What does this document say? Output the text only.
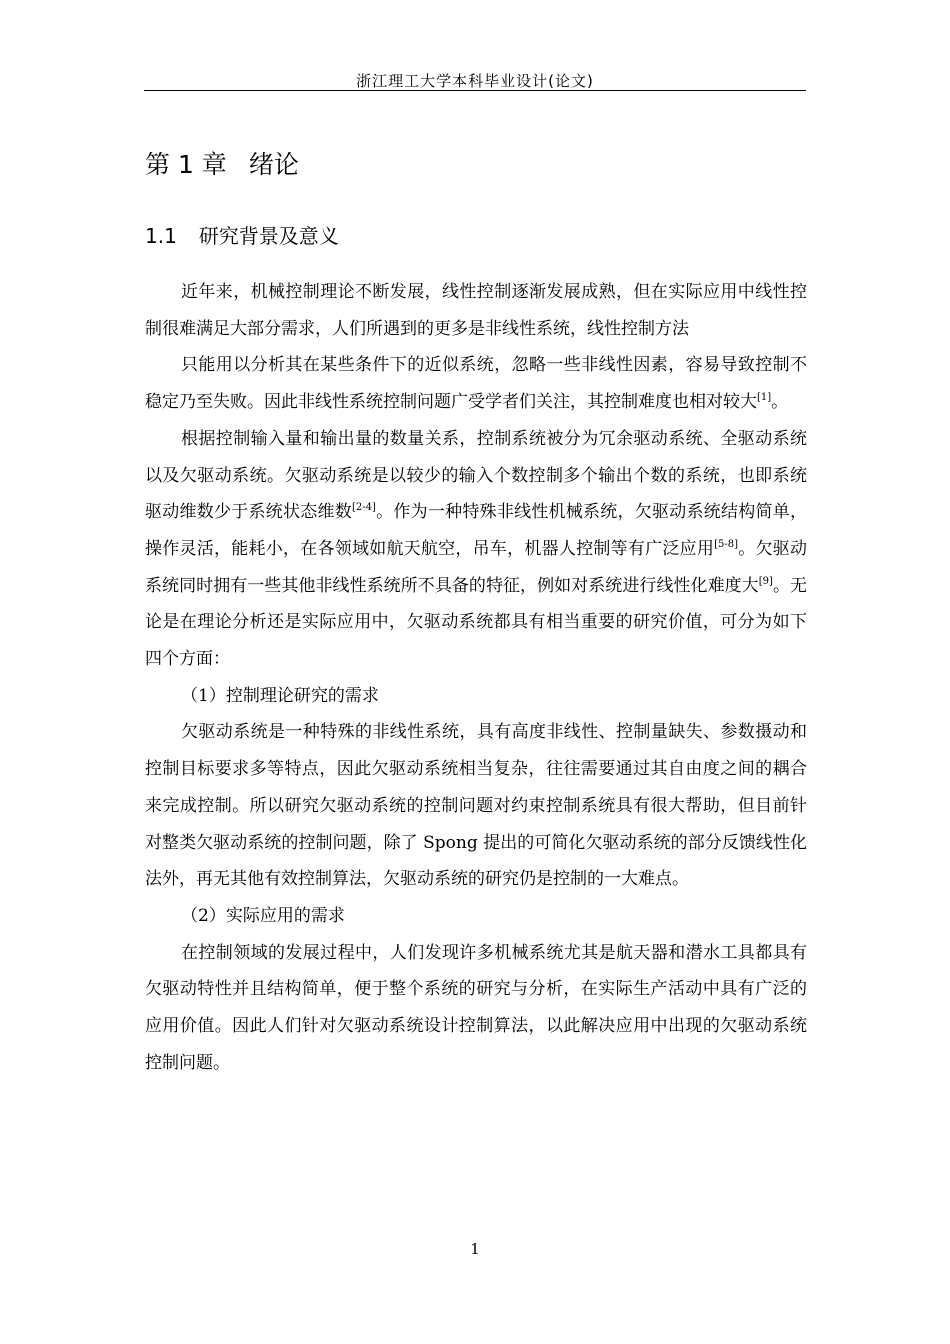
浙江理工大学本科毕业设计(论文)
第 1 章 绪论
1.1 研究背景及意义

近年来，机械控制理论不断发展，线性控制逐渐发展成熟，但在实际应用中线性控制很难满足大部分需求，人们所遇到的更多是非线性系统，线性控制方法

只能用以分析其在某些条件下的近似系统，忽略一些非线性因素，容易导致控制不稳定乃至失败。因此非线性系统控制问题广受学者们关注，其控制难度也相对较大[1]。

根据控制输入量和输出量的数量关系，控制系统被分为冗余驱动系统、全驱动系统以及欠驱动系统。欠驱动系统是以较少的输入个数控制多个输出个数的系统，也即系统驱动维数少于系统状态维数[2-4]。作为一种特殊非线性机械系统，欠驱动系统结构简单，操作灵活，能耗小，在各领域如航天航空，吊车，机器人控制等有广泛应用[5-8]。欠驱动系统同时拥有一些其他非线性系统所不具备的特征，例如对系统进行线性化难度大[9]。无论是在理论分析还是实际应用中，欠驱动系统都具有相当重要的研究价值，可分为如下四个方面：

（1）控制理论研究的需求

欠驱动系统是一种特殊的非线性系统，具有高度非线性、控制量缺失、参数摄动和控制目标要求多等特点，因此欠驱动系统相当复杂，往往需要通过其自由度之间的耦合来完成控制。所以研究欠驱动系统的控制问题对约束控制系统具有很大帮助，但目前针对整类欠驱动系统的控制问题，除了 Spong 提出的可简化欠驱动系统的部分反馈线性化法外，再无其他有效控制算法，欠驱动系统的研究仍是控制的一大难点。

（2）实际应用的需求

在控制领域的发展过程中，人们发现许多机械系统尤其是航天器和潜水工具都具有欠驱动特性并且结构简单，便于整个系统的研究与分析，在实际生产活动中具有广泛的应用价值。因此人们针对欠驱动系统设计控制算法，以此解决应用中出现的欠驱动系统控制问题。

1
